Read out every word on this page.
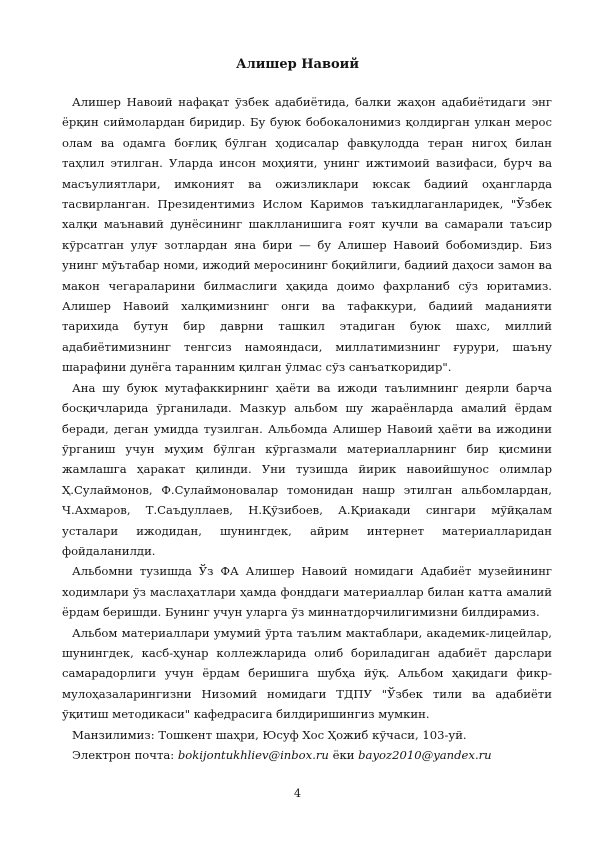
Алишер Навоий

Алишер Навоий нафақат ўзбек адабиётида, балки жаҳон адабиётидаги энг ёрқин сиймолардан биридир. Бу буюк бобокалонимиз қолдирган улкан мерос олам ва одамга боғлиқ бўлган ҳодисалар фавқулодда теран нигоҳ билан таҳлил этилган. Уларда инсон моҳияти, унинг ижтимоий вазифаси, бурч ва масъулиятлари, имконият ва ожизликлари юксак бадиий оҳангларда тасвирланган. Президентимиз Ислом Каримов таъкидлаганларидек, "Ўзбек халқи маънавий дунёсининг шаклланишига ғоят кучли ва самарали таъсир кўрсатган улуғ зотлардан яна бири — бу Алишер Навоий бобомиздир. Биз унинг мўътабар номи, ижодий меросининг боқийлиги, бадиий даҳоси замон ва макон чегараларини билмаслиги ҳақида доимо фахрланиб сўз юритамиз. Алишер Навоий халқимизнинг онги ва тафаккури, бадиий маданияти тарихида бутун бир даврни ташкил этадиган буюк шахс, миллий адабиётимизнинг тенгсиз намояндаси, миллатимизнинг ғурури, шаъну шарафини дунёга таранним қилган ўлмас сўз санъаткоридир".

Ана шу буюк мутафаккирнинг ҳаёти ва ижоди таълимнинг деярли барча босқичларида ўрганилади. Мазкур альбом шу жараёнларда амалий ёрдам беради, деган умидда тузилган. Альбомда Алишер Навоий ҳаёти ва ижодини ўрганиш учун муҳим бўлган кўргазмали материалларнинг бир қисмини жамлашга ҳаракат қилинди. Уни тузишда йирик навоийшунос олимлар Ҳ.Сулаймонов, Ф.Сулаймоновалар томонидан нашр этилган альбомлардан, Ч.Ахмаров, Т.Саъдуллаев, Н.Қўзибоев, А.Қриакади сингари мўйқалам усталари ижодидан, шунингдек, айрим интернет материалларидан фойдаланилди.

Альбомни тузишда Ўз ФА Алишер Навоий номидаги Адабиёт музейининг ходимлари ўз маслаҳатлари ҳамда фонддаги материаллар билан катта амалий ёрдам беришди. Бунинг учун уларга ўз миннатдорчилигимизни билдирамиз.

Альбом материаллари умумий ўрта таълим мактаблари, академик-лицейлар, шунингдек, касб-ҳунар коллежларида олиб бориладиган адабиёт дарслари самарадорлиги учун ёрдам беришига шубҳа йўқ. Альбом ҳақидаги фикр-мулоҳазаларингизни Низомий номидаги ТДПУ "Ўзбек тили ва адабиёти ўқитиш методикаси" кафедрасига билдиришингиз мумкин.

Манзилимиз: Тошкент шаҳри, Юсуф Хос Ҳожиб кўчаси, 103-уй.

Электрон почта: bokijontukhliev@inbox.ru ёки bayoz2010@yandex.ru

4
